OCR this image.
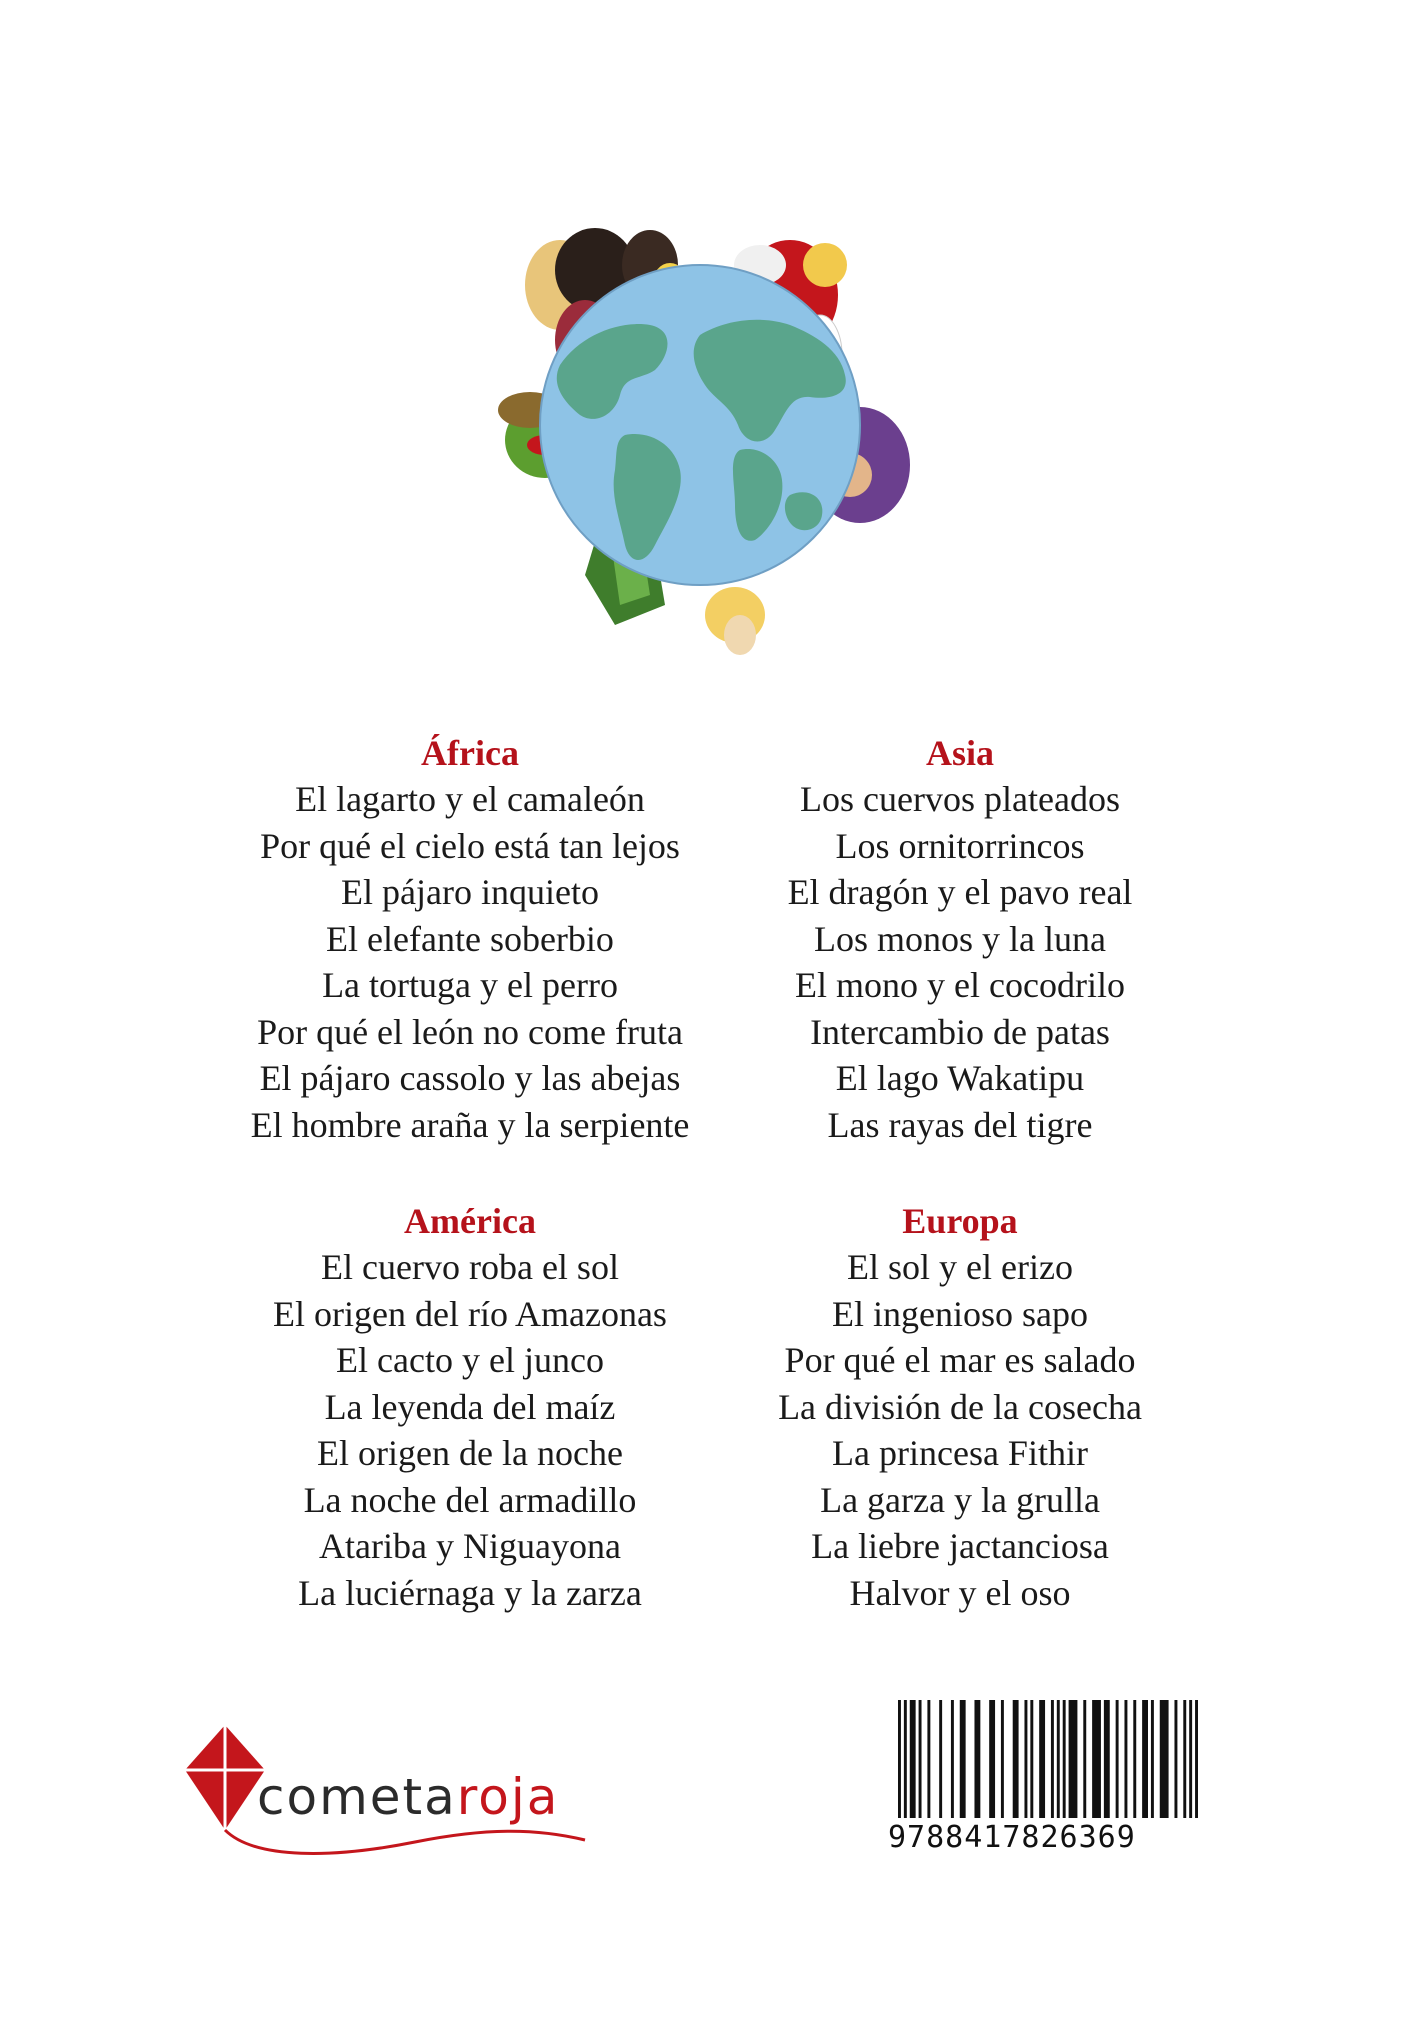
África
El lagarto y el camaleón
Por qué el cielo está tan lejos
El pájaro inquieto
El elefante soberbio
La tortuga y el perro
Por qué el león no come fruta
El pájaro cassolo y las abejas
El hombre araña y la serpiente
Asia
Los cuervos plateados
Los ornitorrincos
El dragón y el pavo real
Los monos y la luna
El mono y el cocodrilo
Intercambio de patas
El lago Wakatipu
Las rayas del tigre
América
El cuervo roba el sol
El origen del río Amazonas
El cacto y el junco
La leyenda del maíz
El origen de la noche
La noche del armadillo
Atariba y Niguayona
La luciérnaga y la zarza
Europa
El sol y el erizo
El ingenioso sapo
Por qué el mar es salado
La división de la cosecha
La princesa Fithir
La garza y la grulla
La liebre jactanciosa
Halvor y el oso
cometaroja
9788417826369
